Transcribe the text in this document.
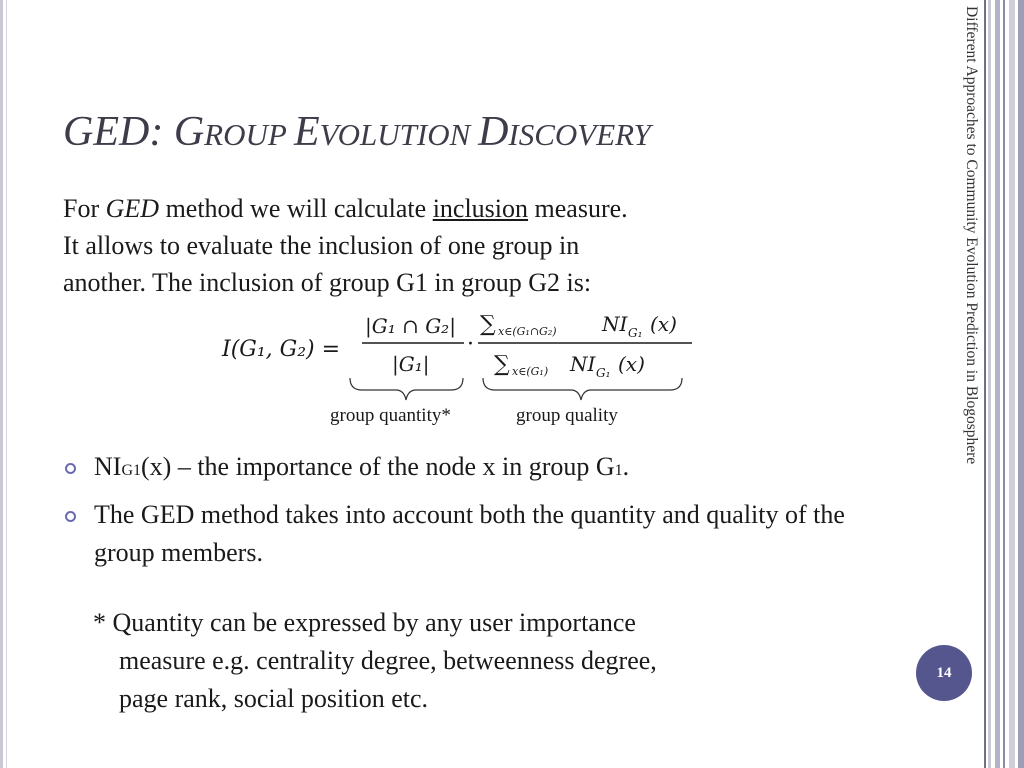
Different Approaches to Community Evolution Prediction in Blogosphere
14
GED: GROUP EVOLUTION DISCOVERY

For GED method we will calculate inclusion measure.
It allows to evaluate the inclusion of one group in
another. The inclusion of group G1 in group G2 is:

I(G₁, G₂) =
|G₁ ∩ G₂|
|G₁|
·
∑ x∈(G₁∩G₂) NI G₁ (x)
∑ x∈(G₁) NI G₁ (x)
group quantity*	group quality
NIG1(x) – the importance of the node x in group G1.
The GED method takes into account both the quantity and quality of the group members.

* Quantity can be expressed by any user importance
measure e.g. centrality degree, betweenness degree,
page rank, social position etc.
